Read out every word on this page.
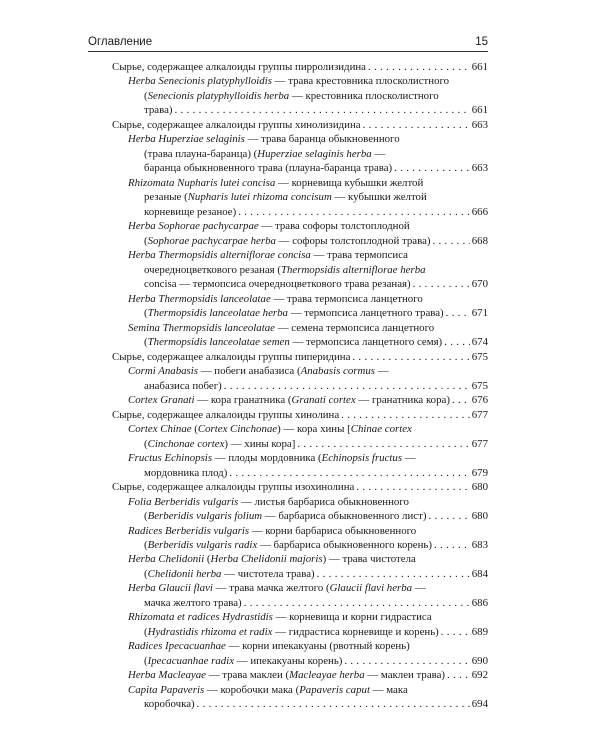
Оглавление	15
Сырье, содержащее алкалоиды группы пирролизидина . . .	661
Herba Senecionis platyphylloidis — трава крестовника плосколистного
(Senecionis platyphylloidis herba — крестовника плосколистного
трава) . . .	661
Сырье, содержащее алкалоиды группы хинолизидина . . .	663
Herba Huperziae selaginis — трава баранца обыкновенного
(трава плауна-баранца) (Huperziae selaginis herba —
баранца обыкновенного трава (плауна-баранца трава) . . .	663
Rhizomata Nupharis lutei concisa — корневища кубышки желтой
резаные (Nupharis lutei rhizoma concisum — кубышки желтой
корневище резаное) . . .	666
Herba Sophorae pachycarpae — трава софоры толстоплодной
(Sophorae pachycarpae herba — софоры толстоплодной трава) . . .	668
Herba Thermopsidis alterniflorae concisa — трава термопсиса
очередноцветкового резаная (Thermopsidis alterniflorae herba
concisa — термопсиса очередноцветкового трава резаная) . . .	670
Herba Thermopsidis lanceolatae — трава термопсиса ланцетного
(Thermopsidis lanceolatae herba — термопсиса ланцетного трава) . . .	671
Semina Thermopsidis lanceolatae — семена термопсиса ланцетного
(Thermopsidis lanceolatae semen — термопсиса ланцетного семя) . . .	674
Сырье, содержащее алкалоиды группы пиперидина . . .	675
Cormi Anabasis — побеги анабазиса (Anabasis cormus —
анабазиса побег) . . .	675
Cortex Granati — кора гранатника (Granati cortex — гранатника кора) . . . 676
Сырье, содержащее алкалоиды группы хинолина . . .	677
Cortex Chinae (Cortex Cinchonae) — кора хины [Chinae cortex
(Cinchonae cortex) — хины кора] . . .	677
Fructus Echinopsis — плоды мордовника (Echinopsis fructus —
мордовника плод) . . .	679
Сырье, содержащее алкалоиды группы изохинолина . . .	680
Folia Berberidis vulgaris — листья барбариса обыкновенного
(Berberidis vulgaris folium — барбариса обыкновенного лист) . . .	680
Radices Berberidis vulgaris — корни барбариса обыкновенного
(Berberidis vulgaris radix — барбариса обыкновенного корень) . . .	683
Herba Chelidonii (Herba Chelidonii majoris) — трава чистотела
(Chelidonii herba — чистотела трава) . . .	684
Herba Glaucii flavi — трава мачка желтого (Glaucii flavi herba —
мачка желтого трава) . . .	686
Rhizomata et radices Hydrastidis — корневища и корни гидрастиса
(Hydrastidis rhizoma et radix — гидрастиса корневище и корень) . . .	689
Radices Ipecacuanhae — корни ипекакуаны (рвотный корень)
(Ipecacuanhae radix — ипекакуаны корень) . . .	690
Herba Macleayae — трава маклеи (Macleayae herba — маклеи трава) . . . 692
Capita Papaveris — коробочки мака (Papaveris caput — мака
коробочка) . . .	694
